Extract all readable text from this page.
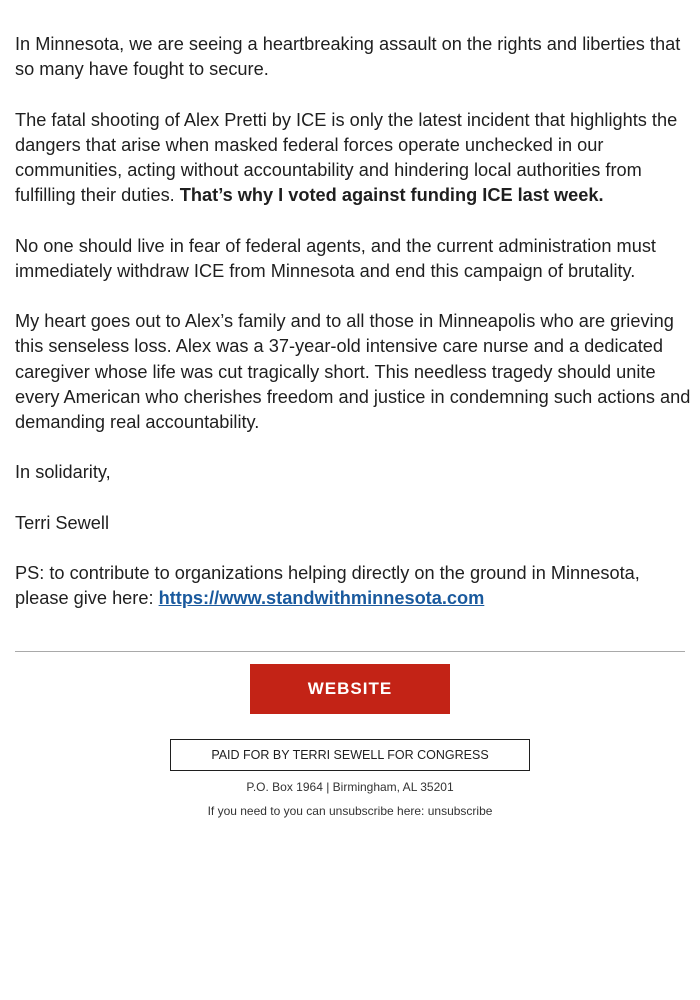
In Minnesota, we are seeing a heartbreaking assault on the rights and liberties that so many have fought to secure.

The fatal shooting of Alex Pretti by ICE is only the latest incident that highlights the dangers that arise when masked federal forces operate unchecked in our communities, acting without accountability and hindering local authorities from fulfilling their duties. That’s why I voted against funding ICE last week.

No one should live in fear of federal agents, and the current administration must immediately withdraw ICE from Minnesota and end this campaign of brutality.

My heart goes out to Alex’s family and to all those in Minneapolis who are grieving this senseless loss. Alex was a 37-year-old intensive care nurse and a dedicated caregiver whose life was cut tragically short. This needless tragedy should unite every American who cherishes freedom and justice in condemning such actions and demanding real accountability.

In solidarity,

Terri Sewell

PS: to contribute to organizations helping directly on the ground in Minnesota, please give here: https://www.standwithminnesota.com

WEBSITE
PAID FOR BY TERRI SEWELL FOR CONGRESS
P.O. Box 1964 | Birmingham, AL 35201
If you need to you can unsubscribe here: unsubscribe
